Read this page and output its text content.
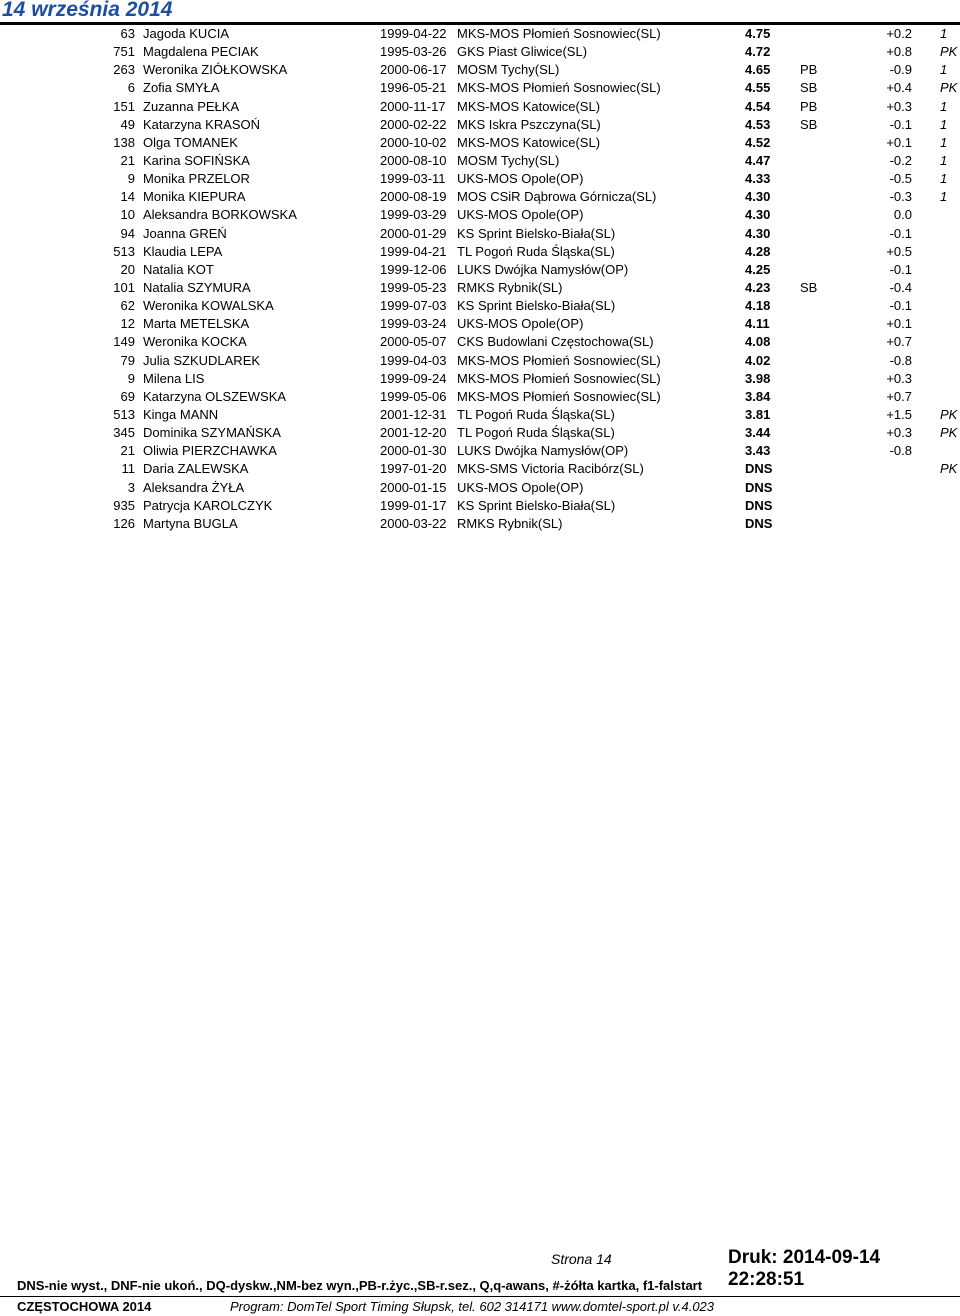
14 września 2014
63 Jagoda KUCIA	1999-04-22 MKS-MOS Płomień Sosnowiec(SL)	4.75	+0.2 1
751 Magdalena PECIAK	1995-03-26 GKS Piast Gliwice(SL)	4.72	+0.8 PK
263 Weronika ZIÓŁKOWSKA	2000-06-17 MOSM Tychy(SL)	4.65 PB	-0.9 1
6 Zofia SMYŁA	1996-05-21 MKS-MOS Płomień Sosnowiec(SL)	4.55 SB	+0.4 PK
151 Zuzanna PEŁKA	2000-11-17 MKS-MOS Katowice(SL)	4.54 PB	+0.3 1
49 Katarzyna KRASOŃ	2000-02-22 MKS Iskra Pszczyna(SL)	4.53 SB	-0.1 1
138 Olga TOMANEK	2000-10-02 MKS-MOS Katowice(SL)	4.52	+0.1 1
21 Karina SOFIŃSKA	2000-08-10 MOSM Tychy(SL)	4.47	-0.2 1
9 Monika PRZELOR	1999-03-11 UKS-MOS Opole(OP)	4.33	-0.5 1
14 Monika KIEPURA	2000-08-19 MOS CSiR Dąbrowa Górnicza(SL)	4.30	-0.3 1
10 Aleksandra BORKOWSKA	1999-03-29 UKS-MOS Opole(OP)	4.30	0.0
94 Joanna GREŃ	2000-01-29 KS Sprint Bielsko-Biała(SL)	4.30	-0.1
513 Klaudia LEPA	1999-04-21 TL Pogoń Ruda Śląska(SL)	4.28	+0.5
20 Natalia KOT	1999-12-06 LUKS Dwójka Namysłów(OP)	4.25	-0.1
101 Natalia SZYMURA	1999-05-23 RMKS Rybnik(SL)	4.23 SB	-0.4
62 Weronika KOWALSKA	1999-07-03 KS Sprint Bielsko-Biała(SL)	4.18	-0.1
12 Marta METELSKA	1999-03-24 UKS-MOS Opole(OP)	4.11	+0.1
149 Weronika KOCKA	2000-05-07 CKS Budowlani Częstochowa(SL)	4.08	+0.7
79 Julia SZKUDLAREK	1999-04-03 MKS-MOS Płomień Sosnowiec(SL)	4.02	-0.8
9 Milena LIS	1999-09-24 MKS-MOS Płomień Sosnowiec(SL)	3.98	+0.3
69 Katarzyna OLSZEWSKA	1999-05-06 MKS-MOS Płomień Sosnowiec(SL)	3.84	+0.7
513 Kinga MANN	2001-12-31 TL Pogoń Ruda Śląska(SL)	3.81	+1.5 PK
345 Dominika SZYMAŃSKA	2001-12-20 TL Pogoń Ruda Śląska(SL)	3.44	+0.3 PK
21 Oliwia PIERZCHAWKA	2000-01-30 LUKS Dwójka Namysłów(OP)	3.43	-0.8
11 Daria ZALEWSKA	1997-01-20 MKS-SMS Victoria Racibórz(SL)	DNS	PK
3 Aleksandra ŻYŁA	2000-01-15 UKS-MOS Opole(OP)	DNS
935 Patrycja KAROLCZYK	1999-01-17 KS Sprint Bielsko-Biała(SL)	DNS
126 Martyna BUGLA	2000-03-22 RMKS Rybnik(SL)	DNS
Strona 14	Druk: 2014-09-14 22:28:51
DNS-nie wyst., DNF-nie ukoń., DQ-dyskw.,NM-bez wyn.,PB-r.życ.,SB-r.sez., Q,q-awans, #-żółta kartka, f1-falstart
CZĘSTOCHOWA 2014	Program: DomTel Sport Timing Słupsk, tel. 602 314171 www.domtel-sport.pl v.4.023
